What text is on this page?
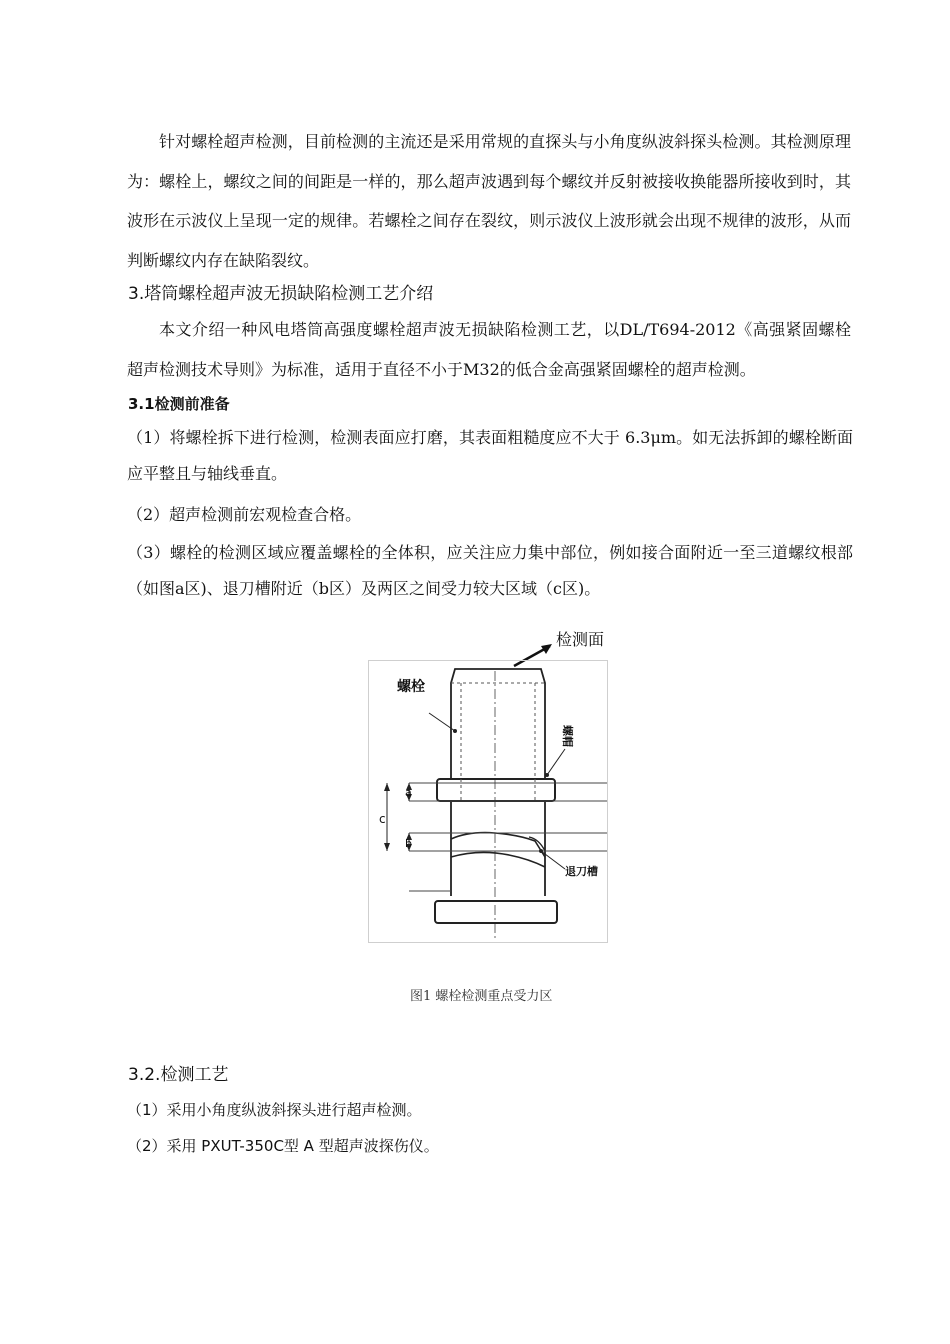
针对螺栓超声检测，目前检测的主流还是采用常规的直探头与小角度纵波斜探头检测。其检测原理为：螺栓上，螺纹之间的间距是一样的，那么超声波遇到每个螺纹并反射被接收换能器所接收到时，其波形在示波仪上呈现一定的规律。若螺栓之间存在裂纹，则示波仪上波形就会出现不规律的波形，从而判断螺纹内存在缺陷裂纹。

3.塔筒螺栓超声波无损缺陷检测工艺介绍

本文介绍一种风电塔筒高强度螺栓超声波无损缺陷检测工艺，以DL/T694-2012《高强紧固螺栓超声检测技术导则》为标准，适用于直径不小于M32的低合金高强紧固螺栓的超声检测。

3.1检测前准备

（1）将螺栓拆下进行检测，检测表面应打磨，其表面粗糙度应不大于 6.3μm。如无法拆卸的螺栓断面应平整且与轴线垂直。

（2）超声检测前宏观检查合格。

（3）螺栓的检测区域应覆盖螺栓的全体积，应关注应力集中部位，例如接合面附近一至三道螺纹根部（如图a区)、退刀槽附近（b区）及两区之间受力较大区域（c区)。

检测面
螺栓
螺帽
退刀槽
a
b
c
图1 螺栓检测重点受力区
3.2.检测工艺

（1）采用小角度纵波斜探头进行超声检测。

（2）采用 PXUT-350C型 A 型超声波探伤仪。
